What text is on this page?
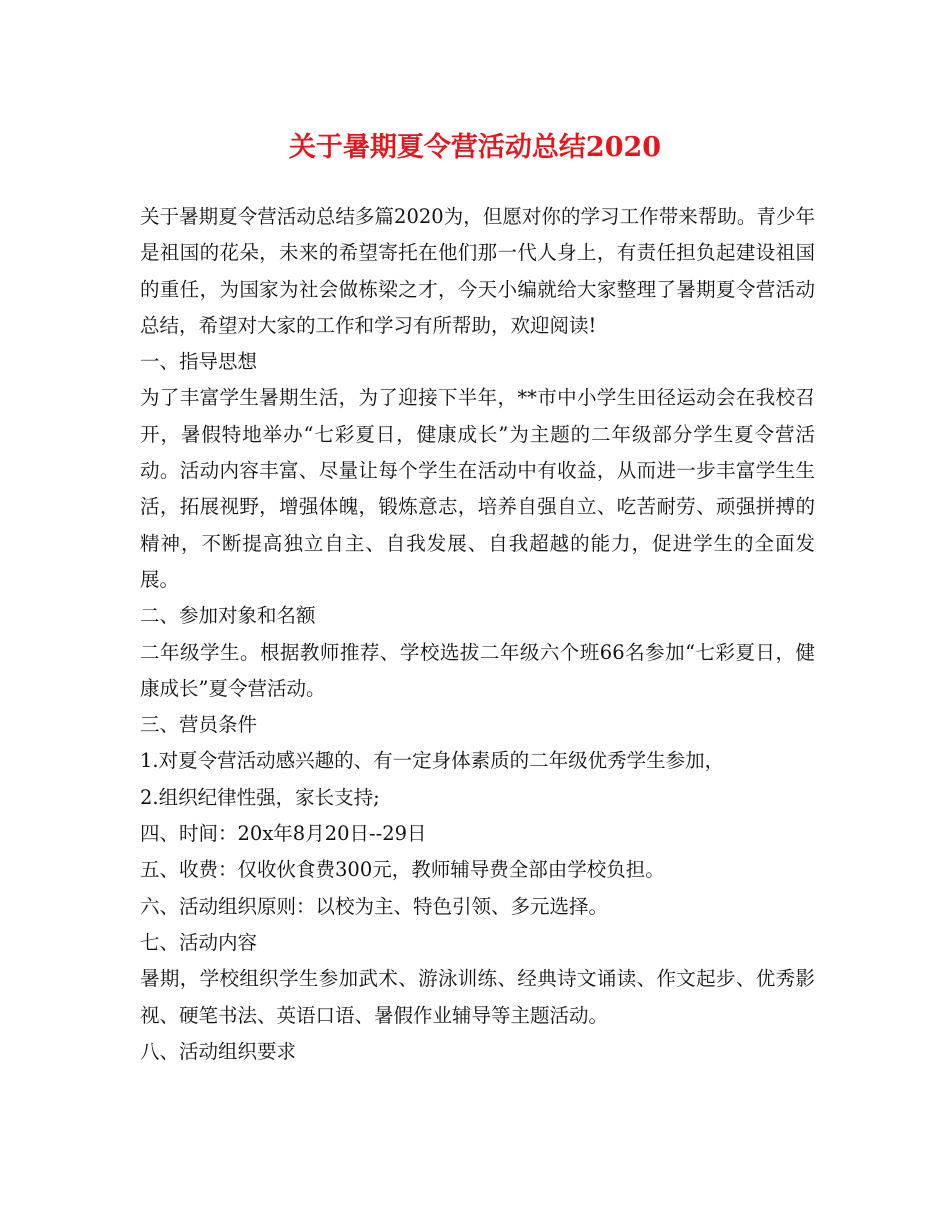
关于暑期夏令营活动总结2020

关于暑期夏令营活动总结多篇2020为，但愿对你的学习工作带来帮助。青少年是祖国的花朵，未来的希望寄托在他们那一代人身上，有责任担负起建设祖国的重任，为国家为社会做栋梁之才，今天小编就给大家整理了暑期夏令营活动总结，希望对大家的工作和学习有所帮助，欢迎阅读!

一、指导思想

为了丰富学生暑期生活，为了迎接下半年，**市中小学生田径运动会在我校召开，暑假特地举办“七彩夏日，健康成长”为主题的二年级部分学生夏令营活动。活动内容丰富、尽量让每个学生在活动中有收益，从而进一步丰富学生生活，拓展视野，增强体魄，锻炼意志，培养自强自立、吃苦耐劳、顽强拼搏的精神，不断提高独立自主、自我发展、自我超越的能力，促进学生的全面发展。

二、参加对象和名额

二年级学生。根据教师推荐、学校选拔二年级六个班66名参加“七彩夏日，健康成长”夏令营活动。

三、营员条件

1.对夏令营活动感兴趣的、有一定身体素质的二年级优秀学生参加，

2.组织纪律性强，家长支持;

四、时间：20x年8月20日--29日

五、收费：仅收伙食费300元，教师辅导费全部由学校负担。

六、活动组织原则：以校为主、特色引领、多元选择。

七、活动内容

暑期，学校组织学生参加武术、游泳训练、经典诗文诵读、作文起步、优秀影视、硬笔书法、英语口语、暑假作业辅导等主题活动。

八、活动组织要求
